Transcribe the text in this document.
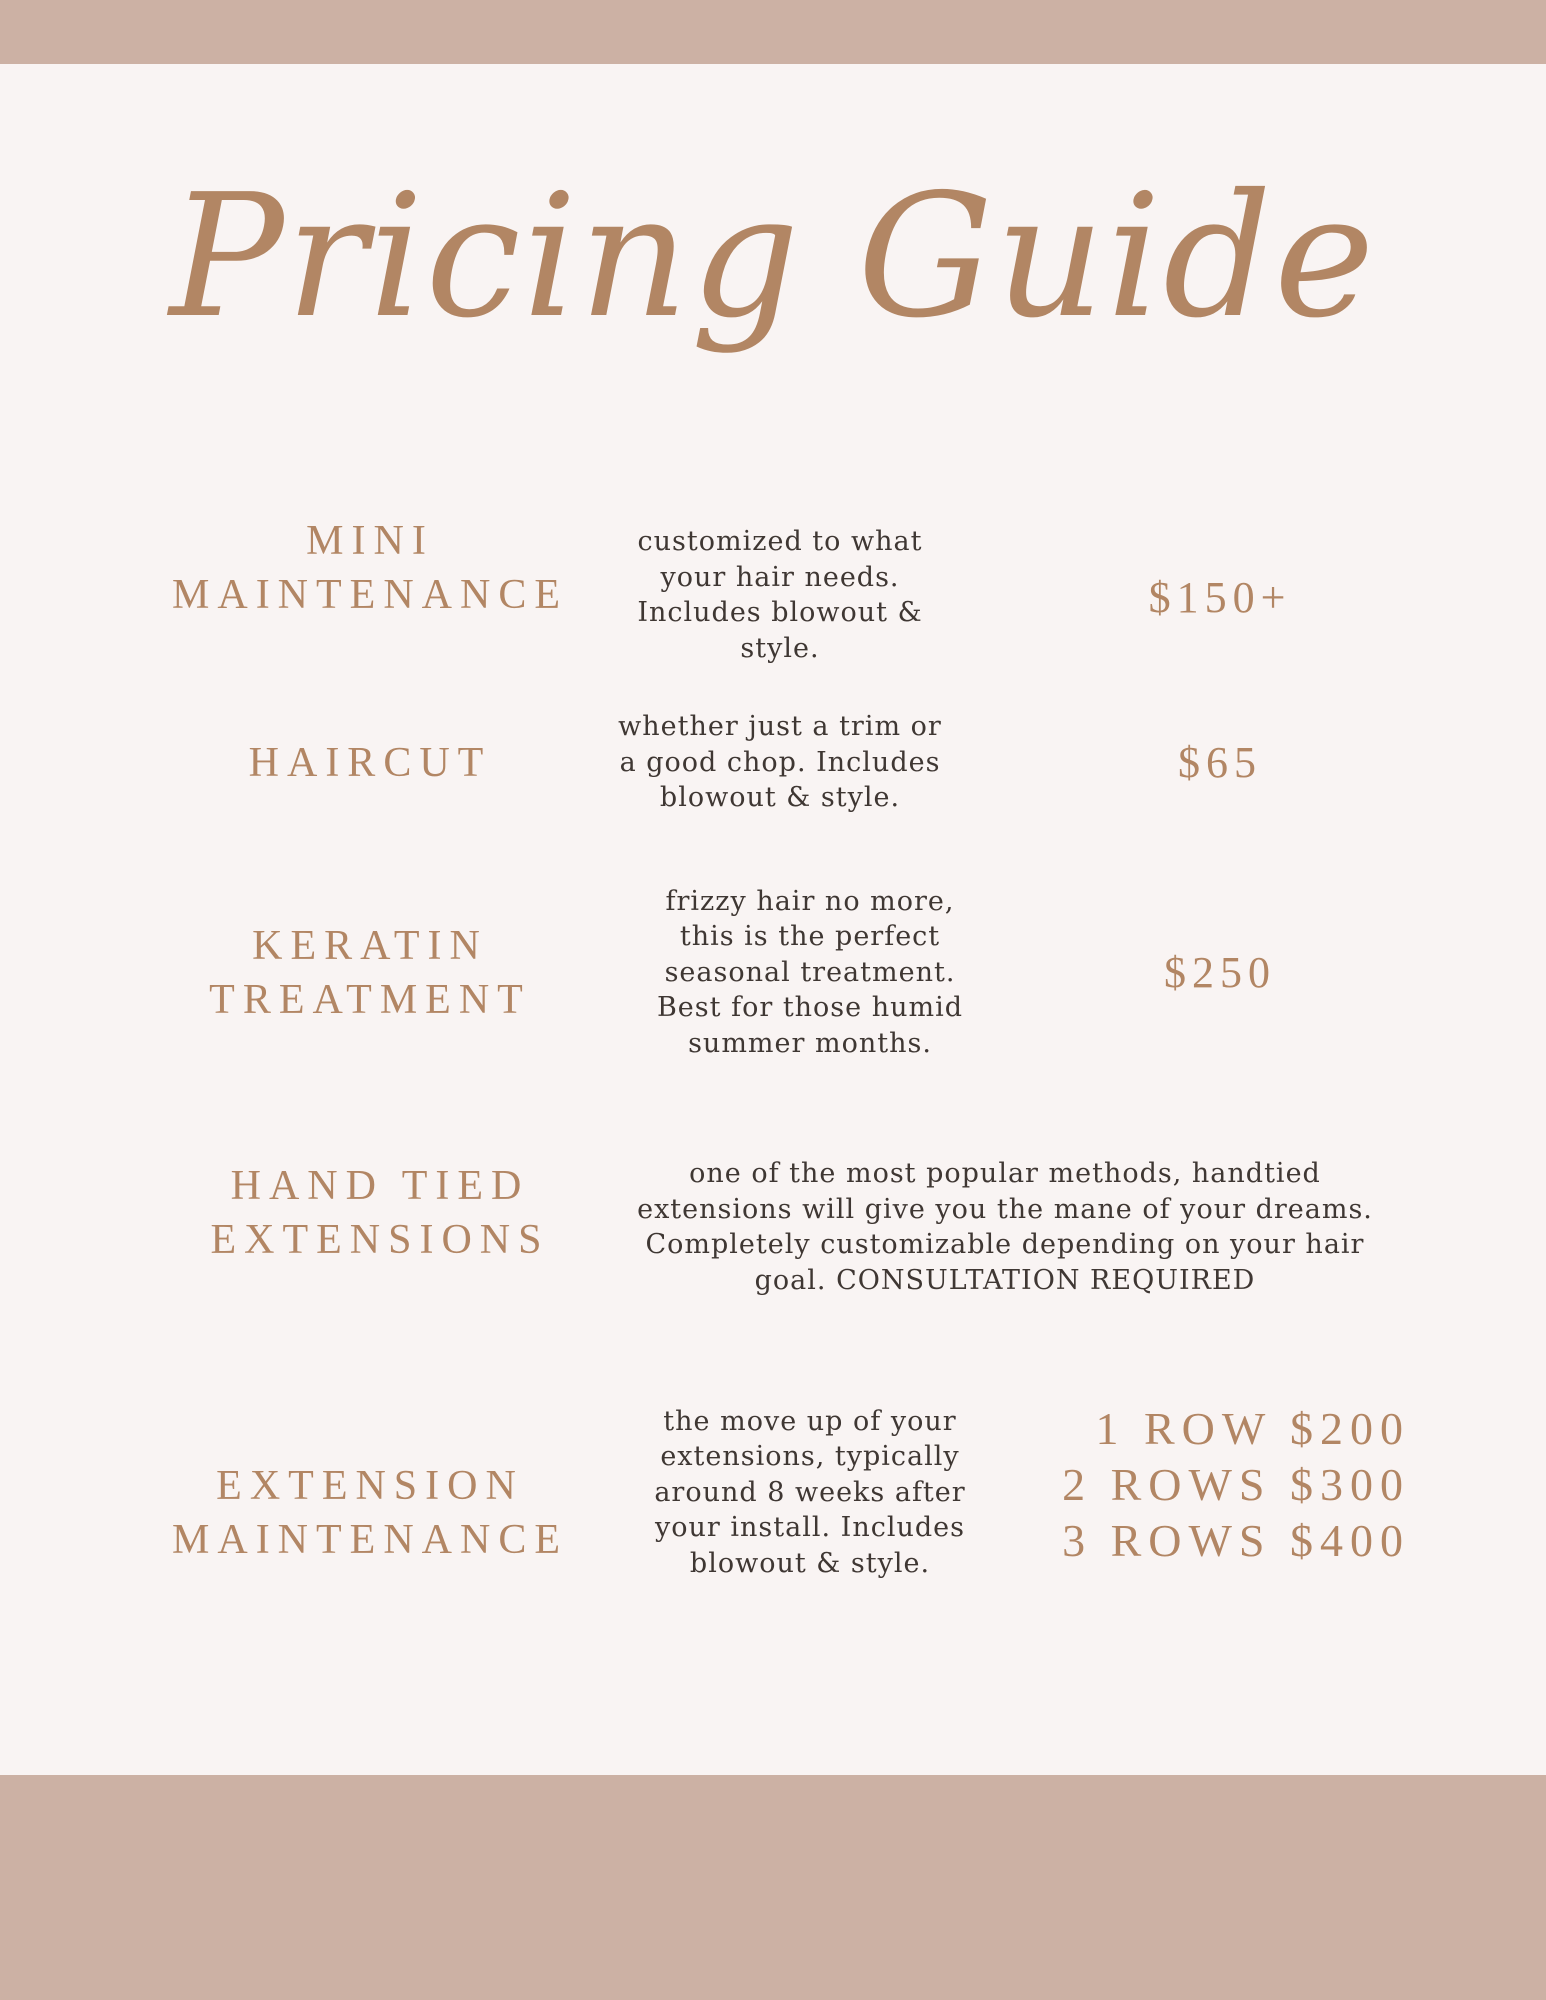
Pricing Guide
MINI
MAINTENANCE
customized to what
your hair needs.
Includes blowout &
style.
$150+
HAIRCUT
whether just a trim or
a good chop. Includes
blowout & style.
$65
KERATIN
TREATMENT
frizzy hair no more,
this is the perfect
seasonal treatment.
Best for those humid
summer months.
$250
HAND TIED
EXTENSIONS
one of the most popular methods, handtied
extensions will give you the mane of your dreams.
Completely customizable depending on your hair
goal. CONSULTATION REQUIRED
EXTENSION
MAINTENANCE
the move up of your
extensions, typically
around 8 weeks after
your install. Includes
blowout & style.
1 ROW $200
2 ROWS $300
3 ROWS $400
